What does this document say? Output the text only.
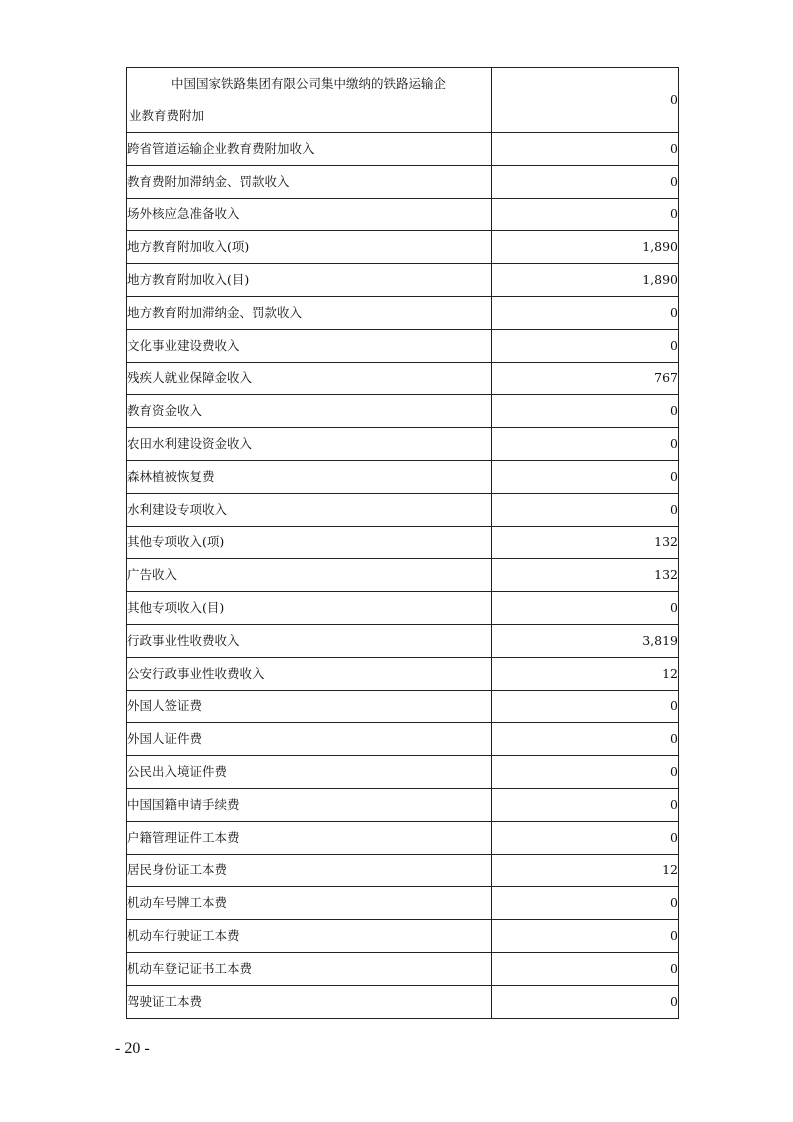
中国国家铁路集团有限公司集中缴纳的铁路运输企
业教育费附加	0
跨省管道运输企业教育费附加收入	0
教育费附加滞纳金、罚款收入	0
场外核应急准备收入	0
地方教育附加收入(项)	1,890
地方教育附加收入(目)	1,890
地方教育附加滞纳金、罚款收入	0
文化事业建设费收入	0
残疾人就业保障金收入	767
教育资金收入	0
农田水利建设资金收入	0
森林植被恢复费	0
水利建设专项收入	0
其他专项收入(项)	132
广告收入	132
其他专项收入(目)	0
行政事业性收费收入	3,819
公安行政事业性收费收入	12
外国人签证费	0
外国人证件费	0
公民出入境证件费	0
中国国籍申请手续费	0
户籍管理证件工本费	0
居民身份证工本费	12
机动车号牌工本费	0
机动车行驶证工本费	0
机动车登记证书工本费	0
驾驶证工本费	0
- 20 -
